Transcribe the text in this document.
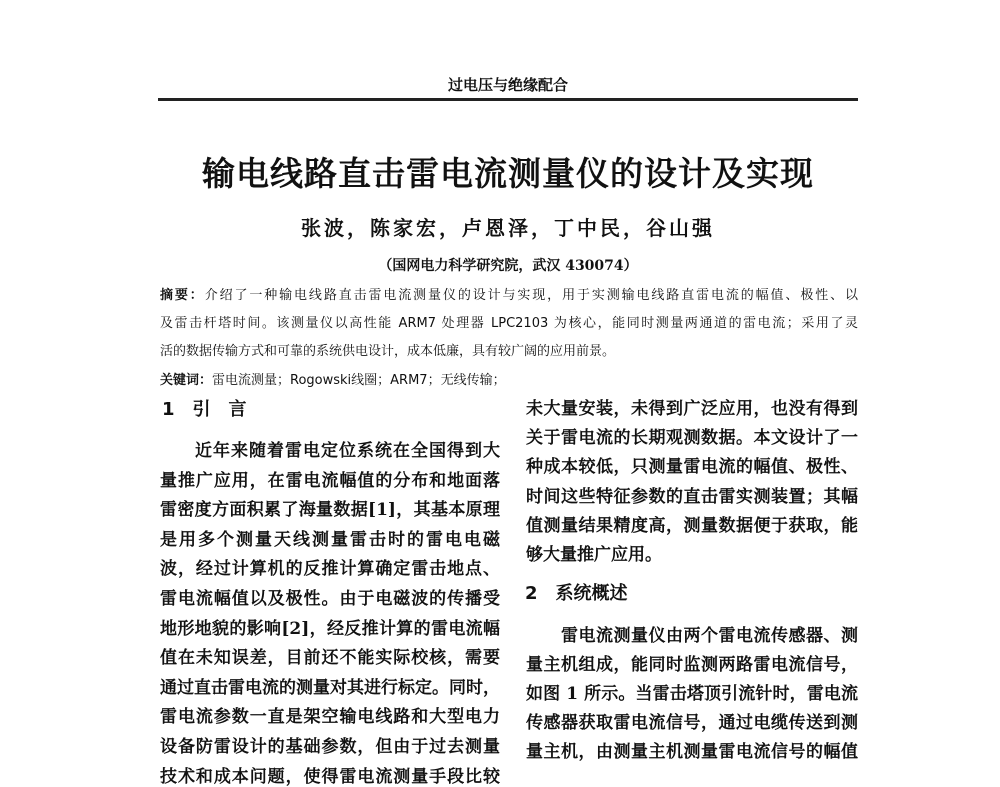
过电压与绝缘配合
输电线路直击雷电流测量仪的设计及实现
张波，陈家宏，卢恩泽，丁中民，谷山强
（国网电力科学研究院，武汉 430074）
摘要：介绍了一种输电线路直击雷电流测量仪的设计与实现，用于实测输电线路直雷电流的幅值、极性、以
及雷击杆塔时间。该测量仪以高性能 ARM7 处理器 LPC2103 为核心，能同时测量两通道的雷电流；采用了灵
活的数据传输方式和可靠的系统供电设计，成本低廉，具有较广阔的应用前景。
关键词：雷电流测量；Rogowski线圈；ARM7；无线传输；
1　引　言
近年来随着雷电定位系统在全国得到大
量推广应用，在雷电流幅值的分布和地面落
雷密度方面积累了海量数据[1]，其基本原理
是用多个测量天线测量雷击时的雷电电磁
波，经过计算机的反推计算确定雷击地点、
雷电流幅值以及极性。由于电磁波的传播受
地形地貌的影响[2]，经反推计算的雷电流幅
值在未知误差，目前还不能实际校核，需要
通过直击雷电流的测量对其进行标定。同时，
雷电流参数一直是架空输电线路和大型电力
设备防雷设计的基础参数，但由于过去测量
技术和成本问题，使得雷电流测量手段比较
未大量安装，未得到广泛应用，也没有得到
关于雷电流的长期观测数据。本文设计了一
种成本较低，只测量雷电流的幅值、极性、
时间这些特征参数的直击雷实测装置；其幅
值测量结果精度高，测量数据便于获取，能
够大量推广应用。
雷电流测量仪由两个雷电流传感器、测
量主机组成，能同时监测两路雷电流信号，
如图 1 所示。当雷击塔顶引流针时，雷电流
传感器获取雷电流信号，通过电缆传送到测
量主机，由测量主机测量雷电流信号的幅值
2　系统概述
